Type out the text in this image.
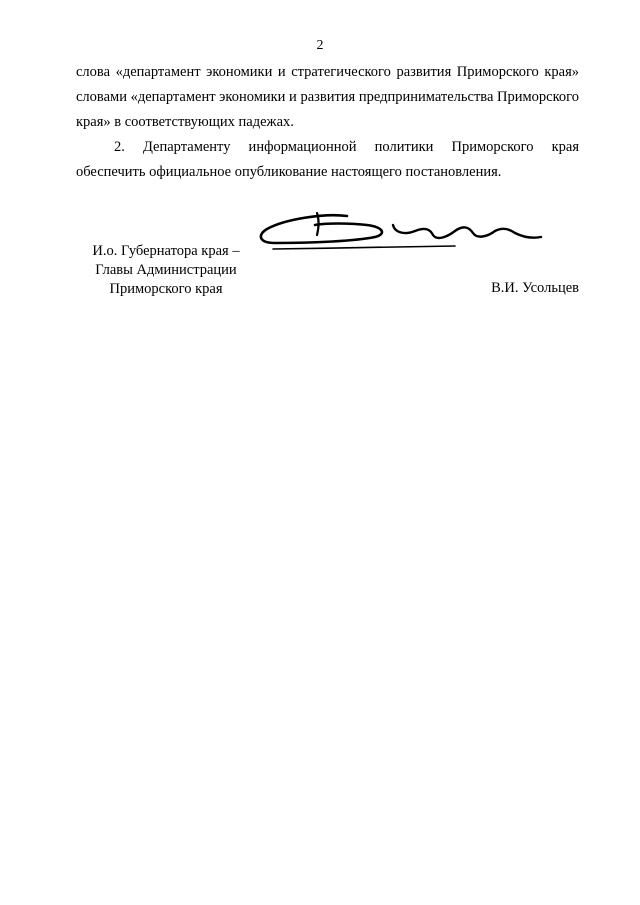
2

слова «департамент экономики и стратегического развития Приморского края» словами «департамент экономики и развития предпринимательства Приморского края» в соответствующих падежах.

2. Департаменту информационной политики Приморского края обеспечить официальное опубликование настоящего постановления.

И.о. Губернатора края –
Главы Администрации
Приморского края	В.И. Усольцев
